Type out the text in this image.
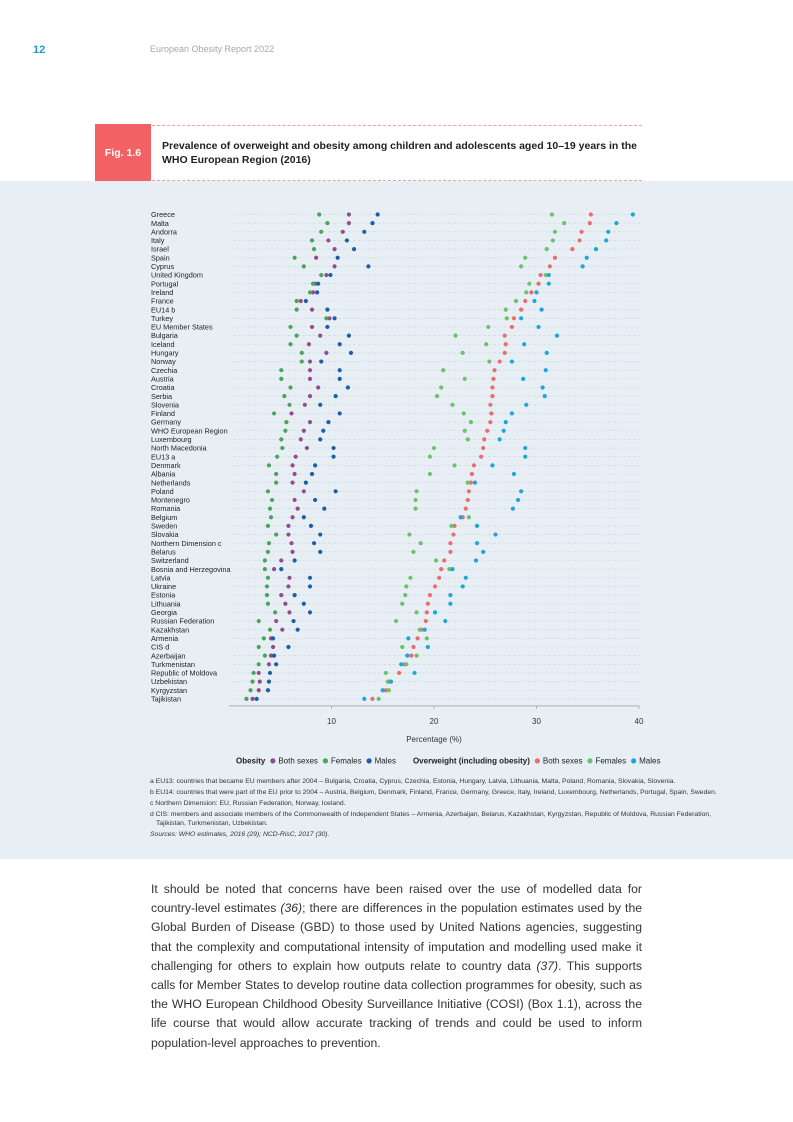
12	European Obesity Report 2022
Fig. 1.6
Prevalence of overweight and obesity among children and adolescents aged 10–19 years in the WHO European Region (2016)
Greece
Malta
Andorra
Italy
Israel
Spain
Cyprus
United Kingdom
Portugal
Ireland
France
EU14 b
Turkey
EU Member States
Bulgaria
Iceland
Hungary
Norway
Czechia
Austria
Croatia
Serbia
Slovenia
Finland
Germany
WHO European Region
Luxembourg
North Macedonia
EU13 a
Denmark
Albania
Netherlands
Poland
Montenegro
Romania
Belgium
Sweden
Slovakia
Northern Dimension c
Belarus
Switzerland
Bosnia and Herzegovina
Latvia
Ukraine
Estonia
Lithuania
Georgia
Russian Federation
Kazakhstan
Armenia
CIS d
Azerbaijan
Turkmenistan
Republic of Moldova
Uzbekistan
Kyrgyzstan
Tajikistan
10	20	30	40
Percentage (%)
Obesity Both sexes Females Males Overweight (including obesity) Both sexes Females Males
a EU13: countries that became EU members after 2004 – Bulgaria, Croatia, Cyprus, Czechia, Estonia, Hungary, Latvia, Lithuania, Malta, Poland, Romania, Slovakia, Slovenia.
b EU14: countries that were part of the EU prior to 2004 – Austria, Belgium, Denmark, Finland, France, Germany, Greece, Italy, Ireland, Luxembourg, Netherlands, Portugal, Spain, Sweden.
c Northern Dimension: EU, Russian Federation, Norway, Iceland.
d CIS: members and associate members of the Commonwealth of Independent States – Armenia, Azerbaijan, Belarus, Kazakhstan, Kyrgyzstan, Republic of Moldova, Russian Federation,
Tajikistan, Turkmenistan, Uzbekistan.
Sources: WHO estimates, 2016 (29); NCD-RisC, 2017 (30).
It should be noted that concerns have been raised over the use of modelled data for country-level estimates (36); there are differences in the population estimates used by the Global Burden of Disease (GBD) to those used by United Nations agencies, suggesting that the complexity and computational intensity of imputation and modelling used make it challenging for others to explain how outputs relate to country data (37). This supports calls for Member States to develop routine data collection programmes for obesity, such as the WHO European Childhood Obesity Surveillance Initiative (COSI) (Box 1.1), across the life course that would allow accurate tracking of trends and could be used to inform population-level approaches to prevention.
